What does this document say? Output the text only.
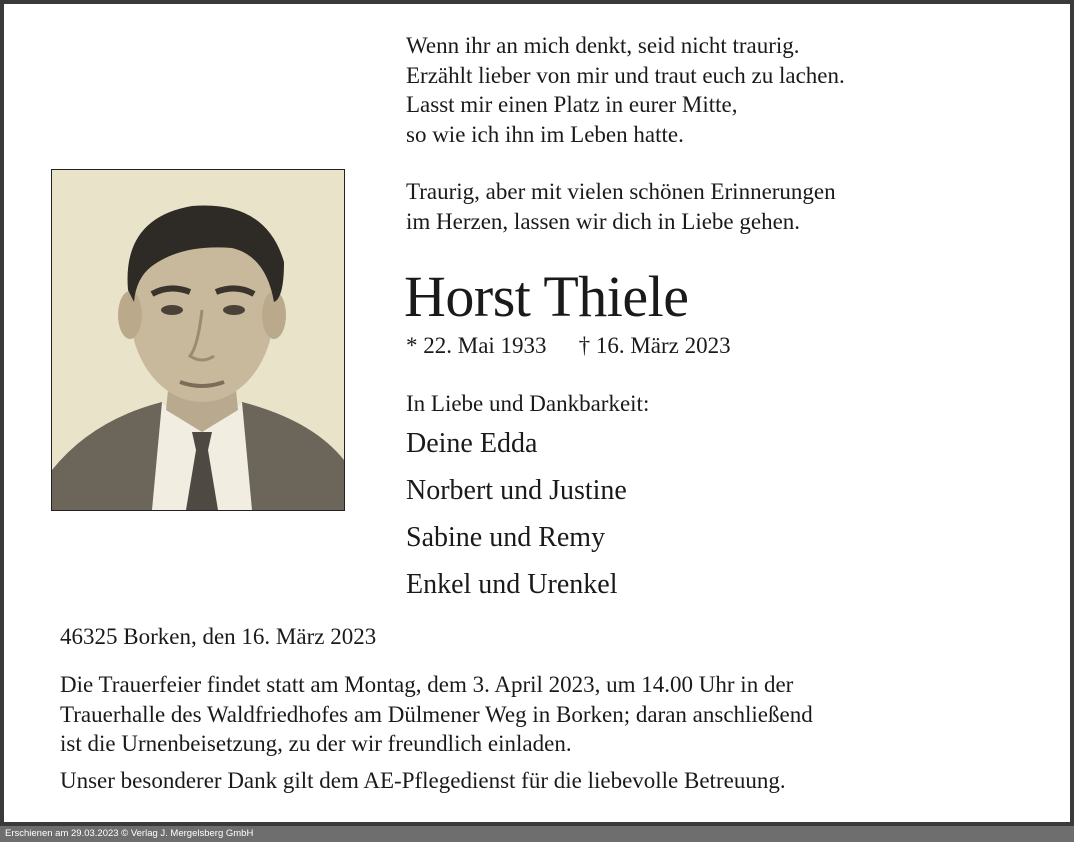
Wenn ihr an mich denkt, seid nicht traurig.
Erzählt lieber von mir und traut euch zu lachen.
Lasst mir einen Platz in eurer Mitte,
so wie ich ihn im Leben hatte.
Traurig, aber mit vielen schönen Erinnerungen
im Herzen, lassen wir dich in Liebe gehen.
Horst Thiele
* 22. Mai 1933 † 16. März 2023
In Liebe und Dankbarkeit:
Deine Edda
Norbert und Justine
Sabine und Remy
Enkel und Urenkel
46325 Borken, den 16. März 2023
Die Trauerfeier findet statt am Montag, dem 3. April 2023, um 14.00 Uhr in der
Trauerhalle des Waldfriedhofes am Dülmener Weg in Borken; daran anschließend
ist die Urnenbeisetzung, zu der wir freundlich einladen.
Unser besonderer Dank gilt dem AE-Pflegedienst für die liebevolle Betreuung.
Erschienen am 29.03.2023 © Verlag J. Mergelsberg GmbH
